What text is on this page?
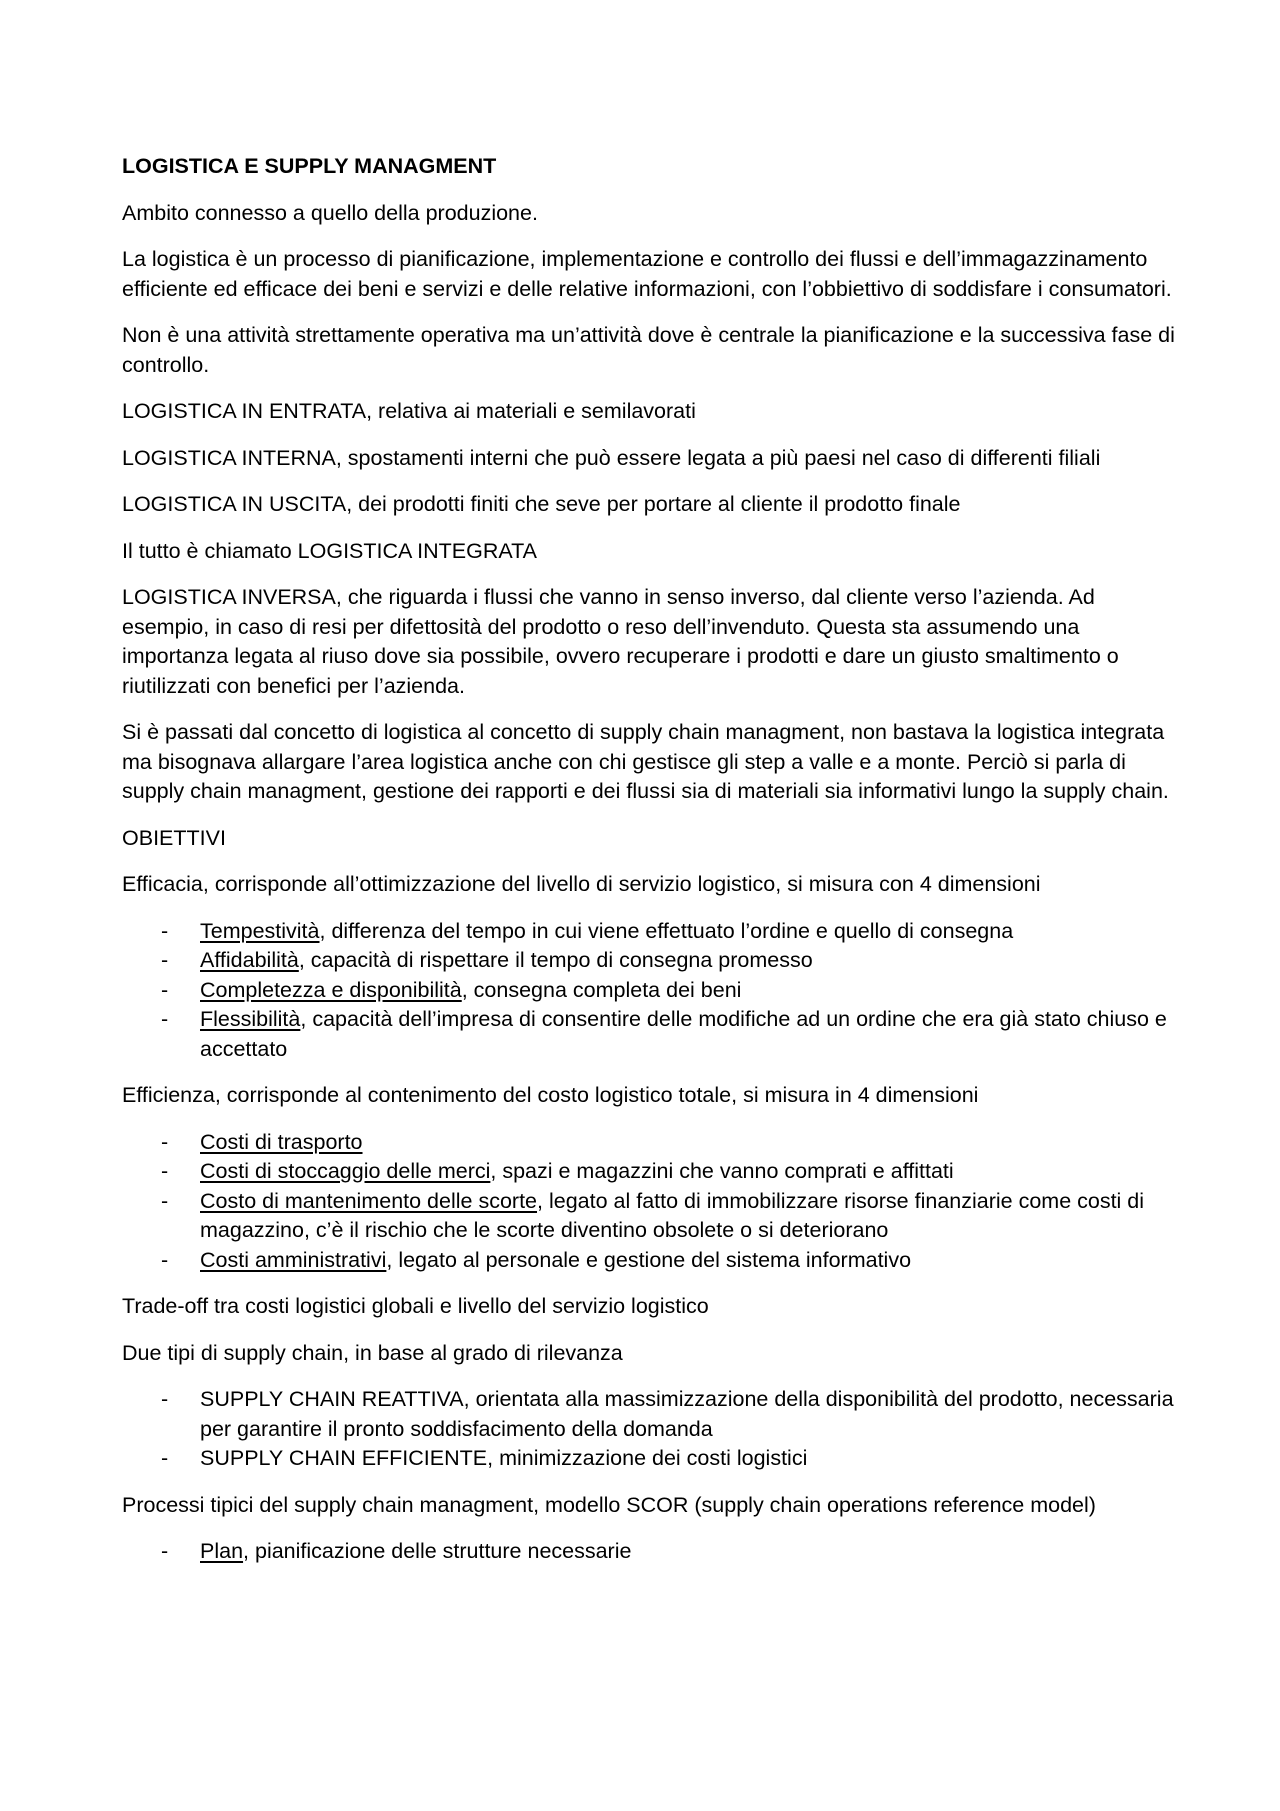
LOGISTICA E SUPPLY MANAGMENT

Ambito connesso a quello della produzione.

La logistica è un processo di pianificazione, implementazione e controllo dei flussi e dell’immagazzinamento efficiente ed efficace dei beni e servizi e delle relative informazioni, con l’obbiettivo di soddisfare i consumatori.

Non è una attività strettamente operativa ma un’attività dove è centrale la pianificazione e la successiva fase di controllo.

LOGISTICA IN ENTRATA, relativa ai materiali e semilavorati

LOGISTICA INTERNA, spostamenti interni che può essere legata a più paesi nel caso di differenti filiali

LOGISTICA IN USCITA, dei prodotti finiti che seve per portare al cliente il prodotto finale

Il tutto è chiamato LOGISTICA INTEGRATA

LOGISTICA INVERSA, che riguarda i flussi che vanno in senso inverso, dal cliente verso l’azienda. Ad esempio, in caso di resi per difettosità del prodotto o reso dell’invenduto. Questa sta assumendo una importanza legata al riuso dove sia possibile, ovvero recuperare i prodotti e dare un giusto smaltimento o riutilizzati con benefici per l’azienda.

Si è passati dal concetto di logistica al concetto di supply chain managment, non bastava la logistica integrata ma bisognava allargare l’area logistica anche con chi gestisce gli step a valle e a monte. Perciò si parla di supply chain managment, gestione dei rapporti e dei flussi sia di materiali sia informativi lungo la supply chain.

OBIETTIVI

Efficacia, corrisponde all’ottimizzazione del livello di servizio logistico, si misura con 4 dimensioni

- Tempestività, differenza del tempo in cui viene effettuato l’ordine e quello di consegna
- Affidabilità, capacità di rispettare il tempo di consegna promesso
- Completezza e disponibilità, consegna completa dei beni
- Flessibilità, capacità dell’impresa di consentire delle modifiche ad un ordine che era già stato chiuso e accettato

Efficienza, corrisponde al contenimento del costo logistico totale, si misura in 4 dimensioni

- Costi di trasporto
- Costi di stoccaggio delle merci, spazi e magazzini che vanno comprati e affittati
- Costo di mantenimento delle scorte, legato al fatto di immobilizzare risorse finanziarie come costi di magazzino, c’è il rischio che le scorte diventino obsolete o si deteriorano
- Costi amministrativi, legato al personale e gestione del sistema informativo

Trade-off tra costi logistici globali e livello del servizio logistico

Due tipi di supply chain, in base al grado di rilevanza

- SUPPLY CHAIN REATTIVA, orientata alla massimizzazione della disponibilità del prodotto, necessaria per garantire il pronto soddisfacimento della domanda
- SUPPLY CHAIN EFFICIENTE, minimizzazione dei costi logistici

Processi tipici del supply chain managment, modello SCOR (supply chain operations reference model)

- Plan, pianificazione delle strutture necessarie
